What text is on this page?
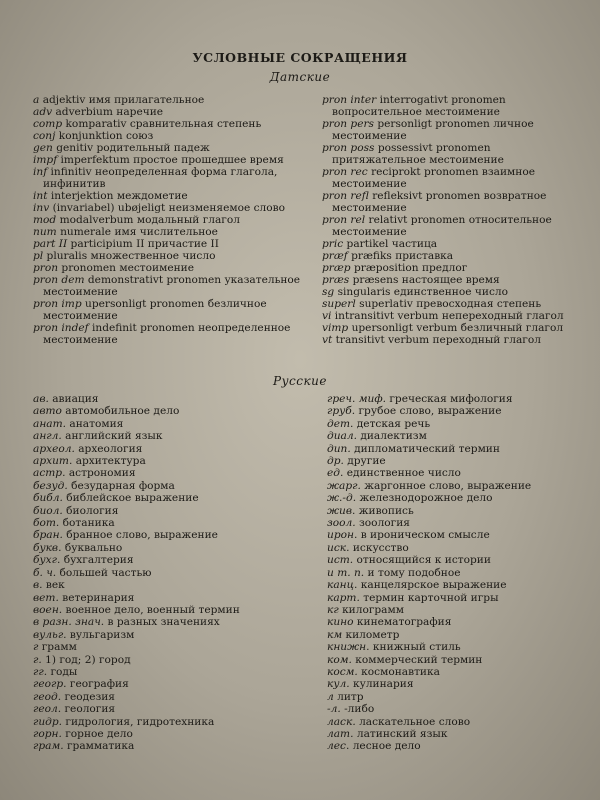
УСЛОВНЫЕ СОКРАЩЕНИЯ
Датские
a adjektiv имя прилагательное
adv adverbium наречие
comp komparativ сравнительная степень
conj konjunktion союз
gen genitiv родительный падеж
impf imperfektum простое прошедшее время
inf infinitiv неопределенная форма глагола, инфинитив
int interjektion междометие
inv (invariabel) ubøjeligt неизменяемое слово
mod modalverbum модальный глагол
num numerale имя числительное
part II participium II причастие II
pl pluralis множественное число
pron pronomen местоимение
pron dem demonstrativt pronomen указательное местоимение
pron imp upersonligt pronomen безличное местоимение
pron indef indefinit pronomen неопределенное местоимение
pron inter interrogativt pronomen вопросительное местоимение
pron pers personligt pronomen личное местоимение
pron poss possessivt pronomen притяжательное местоимение
pron rec reciprokt pronomen взаимное местоимение
pron refl refleksivt pronomen возвратное местоимение
pron rel relativt pronomen относительное местоимение
pric partikel частица
præf præfiks приставка
præp præposition предлог
præs præsens настоящее время
sg singularis единственное число
superl superlativ превосходная степень
vi intransitivt verbum непереходный глагол
vimp upersonligt verbum безличный глагол
vt transitivt verbum переходный глагол
Русские
ав. авиация
авто автомобильное дело
анат. анатомия
англ. английский язык
археол. археология
архит. архитектура
астр. астрономия
безуд. безударная форма
библ. библейское выражение
биол. биология
бот. ботаника
бран. бранное слово, выражение
букв. буквально
бухг. бухгалтерия
б. ч. большей частью
в. век
вет. ветеринария
воен. военное дело, военный термин
в разн. знач. в разных значениях
вульг. вульгаризм
г грамм
г. 1) год; 2) город
гг. годы
геогр. география
геод. геодезия
геол. геология
гидр. гидрология, гидротехника
горн. горное дело
грам. грамматика
греч. миф. греческая мифология
груб. грубое слово, выражение
дет. детская речь
диал. диалектизм
дип. дипломатический термин
др. другие
ед. единственное число
жарг. жаргонное слово, выражение
ж.-д. железнодорожное дело
жив. живопись
зоол. зоология
ирон. в ироническом смысле
иск. искусство
ист. относящийся к истории
и т. п. и тому подобное
канц. канцелярское выражение
карт. термин карточной игры
кг килограмм
кино кинематография
км километр
книжн. книжный стиль
ком. коммерческий термин
косм. космонавтика
кул. кулинария
л литр
-л. -либо
ласк. ласкательное слово
лат. латинский язык
лес. лесное дело
